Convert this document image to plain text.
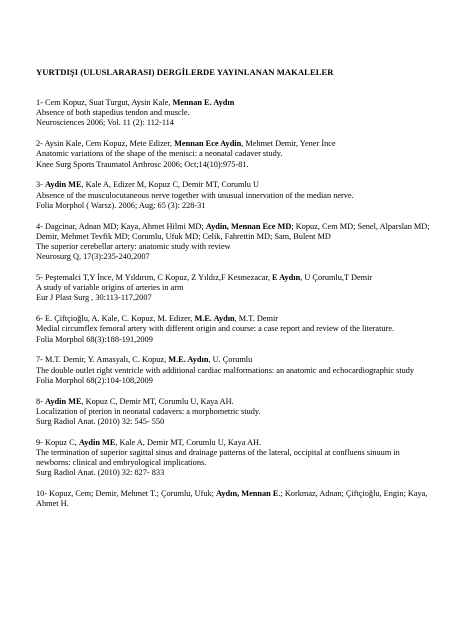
YURTDIŞI (ULUSLARARASI) DERGİLERDE YAYINLANAN MAKALELER
1- Cem Kopuz, Suat Turgut, Aysin Kale, Mennan E. Aydın
Absence of both stapedius tendon and muscle.
Neurosciences 2006; Vol. 11 (2): 112-114
2- Aysin Kale, Cem Kopuz, Mete Edizer, Mennan Ece Aydin, Mehmet Demir, Yener İnce
Anatomic variations of the shape of the menisci: a neonatal cadaver study.
Knee Surg Sports Traumatol Arthrosc 2006; Oct;14(10):975-81.
3- Aydin ME, Kale A, Edizer M, Kopuz C, Demir MT, Corumlu U
Absence of the musculocutaneous nerve together with unusual innervation of the median nerve.
Folia Morphol ( Warsz). 2006; Aug; 65 (3): 228-31
4- Dagcinar, Adnan MD; Kaya, Ahmet Hilmi MD; Aydin, Mennan Ece MD; Kopuz, Cem MD; Senel, Alparslan MD; Demir, Mehmet Tevfik MD; Corumlu, Ufuk MD; Celik, Fahrettin MD; Sam, Bulent MD
The superior cerebellar artery: anatomic study with review
Neurosurg Q, 17(3):235-240,2007
5- Peştemalci T,Y İnce, M Yıldırım, C Kopuz, Z Yıldız,F Kesmezacar, E Aydın, U Çorumlu,T Demir
A study of variable origins of arteries in arm
Eur J Plast Surg , 30:113-117,2007
6- E. Çiftçioğlu, A. Kale, C. Kopuz, M. Edizer, M.E. Aydın, M.T. Demir
Medial circumflex femoral artery with different origin and course: a case report and review of the literature.
Folia Morphol 68(3):188-191,2009
7- M.T. Demir, Y. Amasyalı, C. Kopuz, M.E. Aydın, U. Çorumlu
The double outlet right ventricle with additional cardiac malformations: an anatomic and echocardiographic study
Folia Morphol 68(2):104-108,2009
8- Aydin ME, Kopuz C, Demir MT, Corumlu U, Kaya AH.
Localization of pterion in neonatal cadavers: a morphometric study.
Surg Radiol Anat. (2010) 32: 545- 550
9- Kopuz C, Aydin ME, Kale A, Demir MT, Corumlu U, Kaya AH.
The termination of superior sagittal sinus and drainage patterns of the lateral, occipital at confluens sinuum in newborns: clinical and embryological implications.
Surg Radiol Anat. (2010) 32: 827- 833
10- Kopuz, Cem; Demir, Mehmet T.; Çorumlu, Ufuk; Aydın, Mennan E.; Korkmaz, Adnan; Çiftçioğlu, Engin; Kaya, Ahmet H.
